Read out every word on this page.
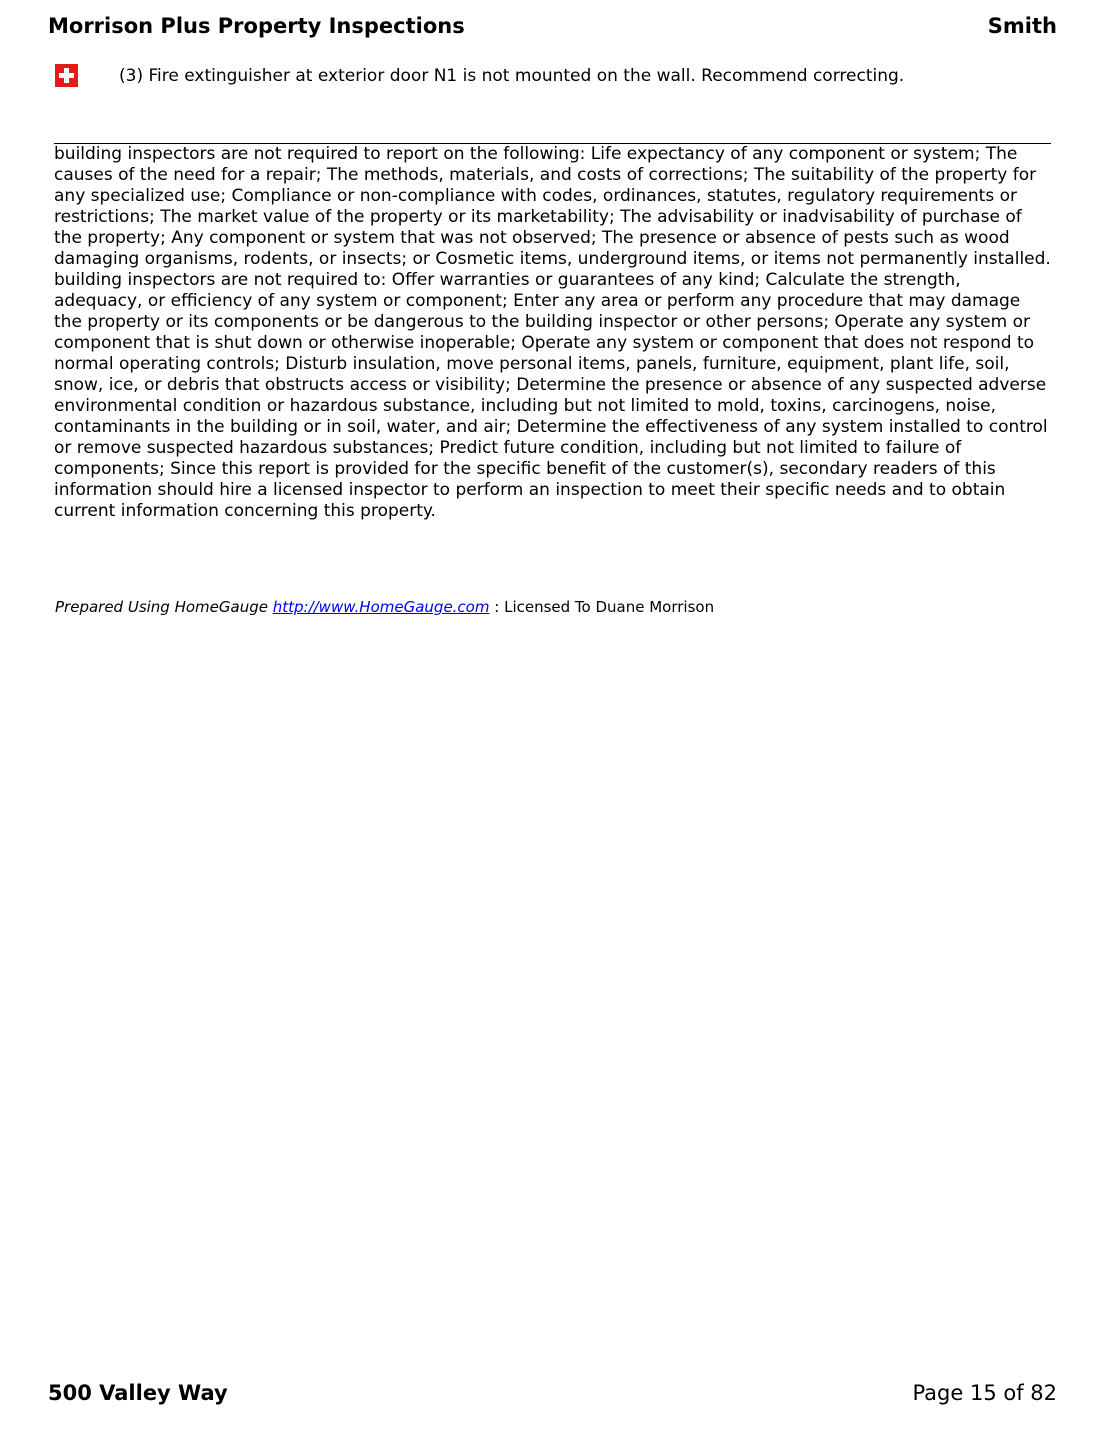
Morrison Plus Property Inspections	Smith
(3) Fire extinguisher at exterior door N1 is not mounted on the wall. Recommend correcting.

building inspectors are not required to report on the following: Life expectancy of any component or system; The causes of the need for a repair; The methods, materials, and costs of corrections; The suitability of the property for any specialized use; Compliance or non-compliance with codes, ordinances, statutes, regulatory requirements or restrictions; The market value of the property or its marketability; The advisability or inadvisability of purchase of the property; Any component or system that was not observed; The presence or absence of pests such as wood damaging organisms, rodents, or insects; or Cosmetic items, underground items, or items not permanently installed. building inspectors are not required to: Offer warranties or guarantees of any kind; Calculate the strength, adequacy, or efficiency of any system or component; Enter any area or perform any procedure that may damage the property or its components or be dangerous to the building inspector or other persons; Operate any system or component that is shut down or otherwise inoperable; Operate any system or component that does not respond to normal operating controls; Disturb insulation, move personal items, panels, furniture, equipment, plant life, soil, snow, ice, or debris that obstructs access or visibility; Determine the presence or absence of any suspected adverse environmental condition or hazardous substance, including but not limited to mold, toxins, carcinogens, noise, contaminants in the building or in soil, water, and air; Determine the effectiveness of any system installed to control or remove suspected hazardous substances; Predict future condition, including but not limited to failure of components; Since this report is provided for the specific benefit of the customer(s), secondary readers of this information should hire a licensed inspector to perform an inspection to meet their specific needs and to obtain current information concerning this property.

Prepared Using HomeGauge http://www.HomeGauge.com : Licensed To Duane Morrison
500 Valley Way	Page 15 of 82
